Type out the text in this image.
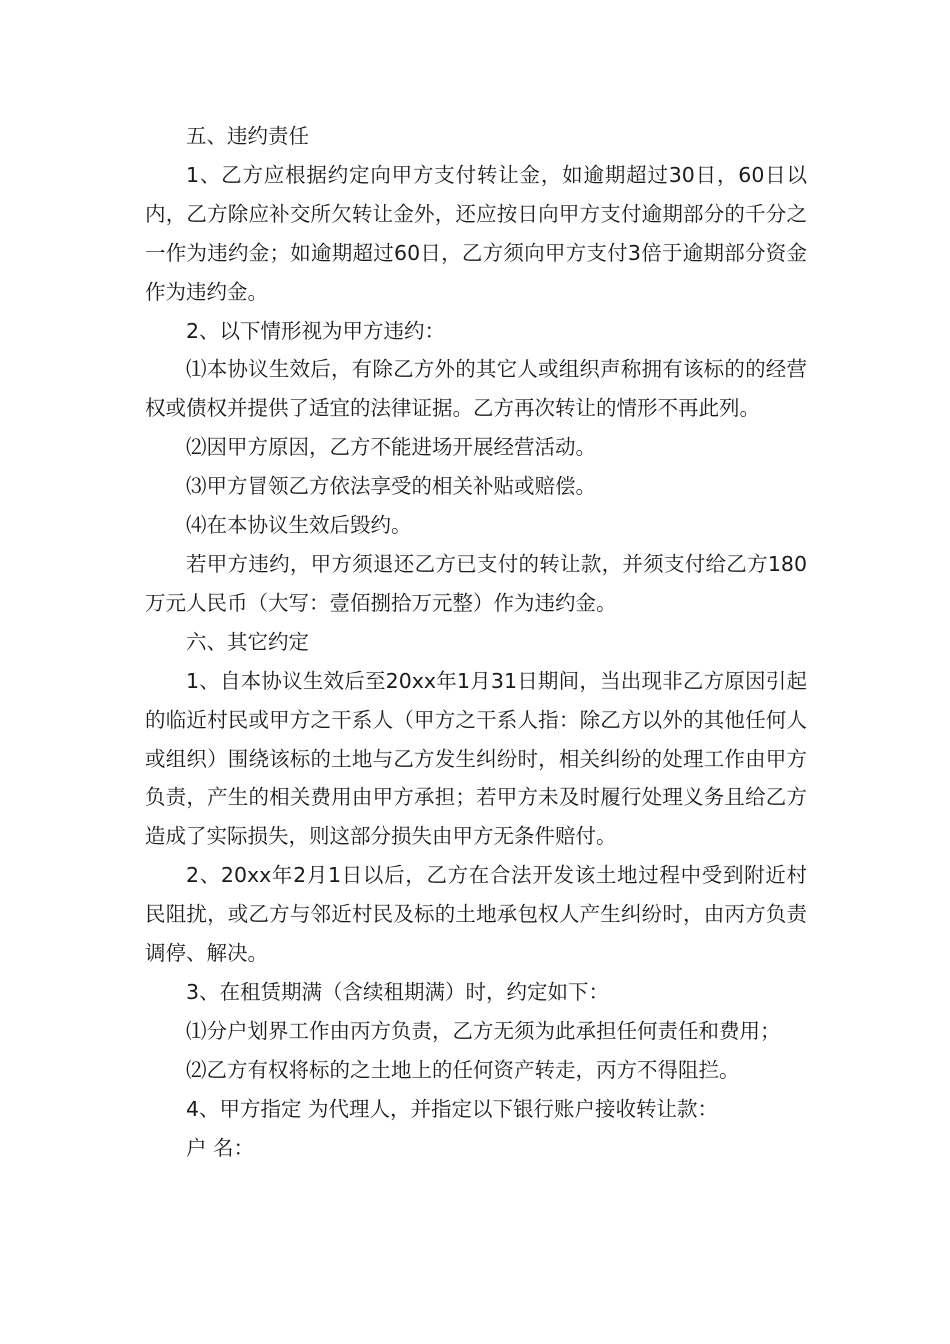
五、违约责任

1、乙方应根据约定向甲方支付转让金，如逾期超过30日，60日以内，乙方除应补交所欠转让金外，还应按日向甲方支付逾期部分的千分之一作为违约金；如逾期超过60日，乙方须向甲方支付3倍于逾期部分资金作为违约金。

2、以下情形视为甲方违约：

⑴本协议生效后，有除乙方外的其它人或组织声称拥有该标的的经营权或债权并提供了适宜的法律证据。乙方再次转让的情形不再此列。

⑵因甲方原因，乙方不能进场开展经营活动。

⑶甲方冒领乙方依法享受的相关补贴或赔偿。

⑷在本协议生效后毁约。

若甲方违约，甲方须退还乙方已支付的转让款，并须支付给乙方180万元人民币（大写：壹佰捌拾万元整）作为违约金。

六、其它约定

1、自本协议生效后至20xx年1月31日期间，当出现非乙方原因引起的临近村民或甲方之干系人（甲方之干系人指：除乙方以外的其他任何人或组织）围绕该标的土地与乙方发生纠纷时，相关纠纷的处理工作由甲方负责，产生的相关费用由甲方承担；若甲方未及时履行处理义务且给乙方造成了实际损失，则这部分损失由甲方无条件赔付。

2、20xx年2月1日以后，乙方在合法开发该土地过程中受到附近村民阻扰，或乙方与邻近村民及标的土地承包权人产生纠纷时，由丙方负责调停、解决。

3、在租赁期满（含续租期满）时，约定如下：

⑴分户划界工作由丙方负责，乙方无须为此承担任何责任和费用；

⑵乙方有权将标的之土地上的任何资产转走，丙方不得阻拦。

4、甲方指定 为代理人，并指定以下银行账户接收转让款：

户 名：
